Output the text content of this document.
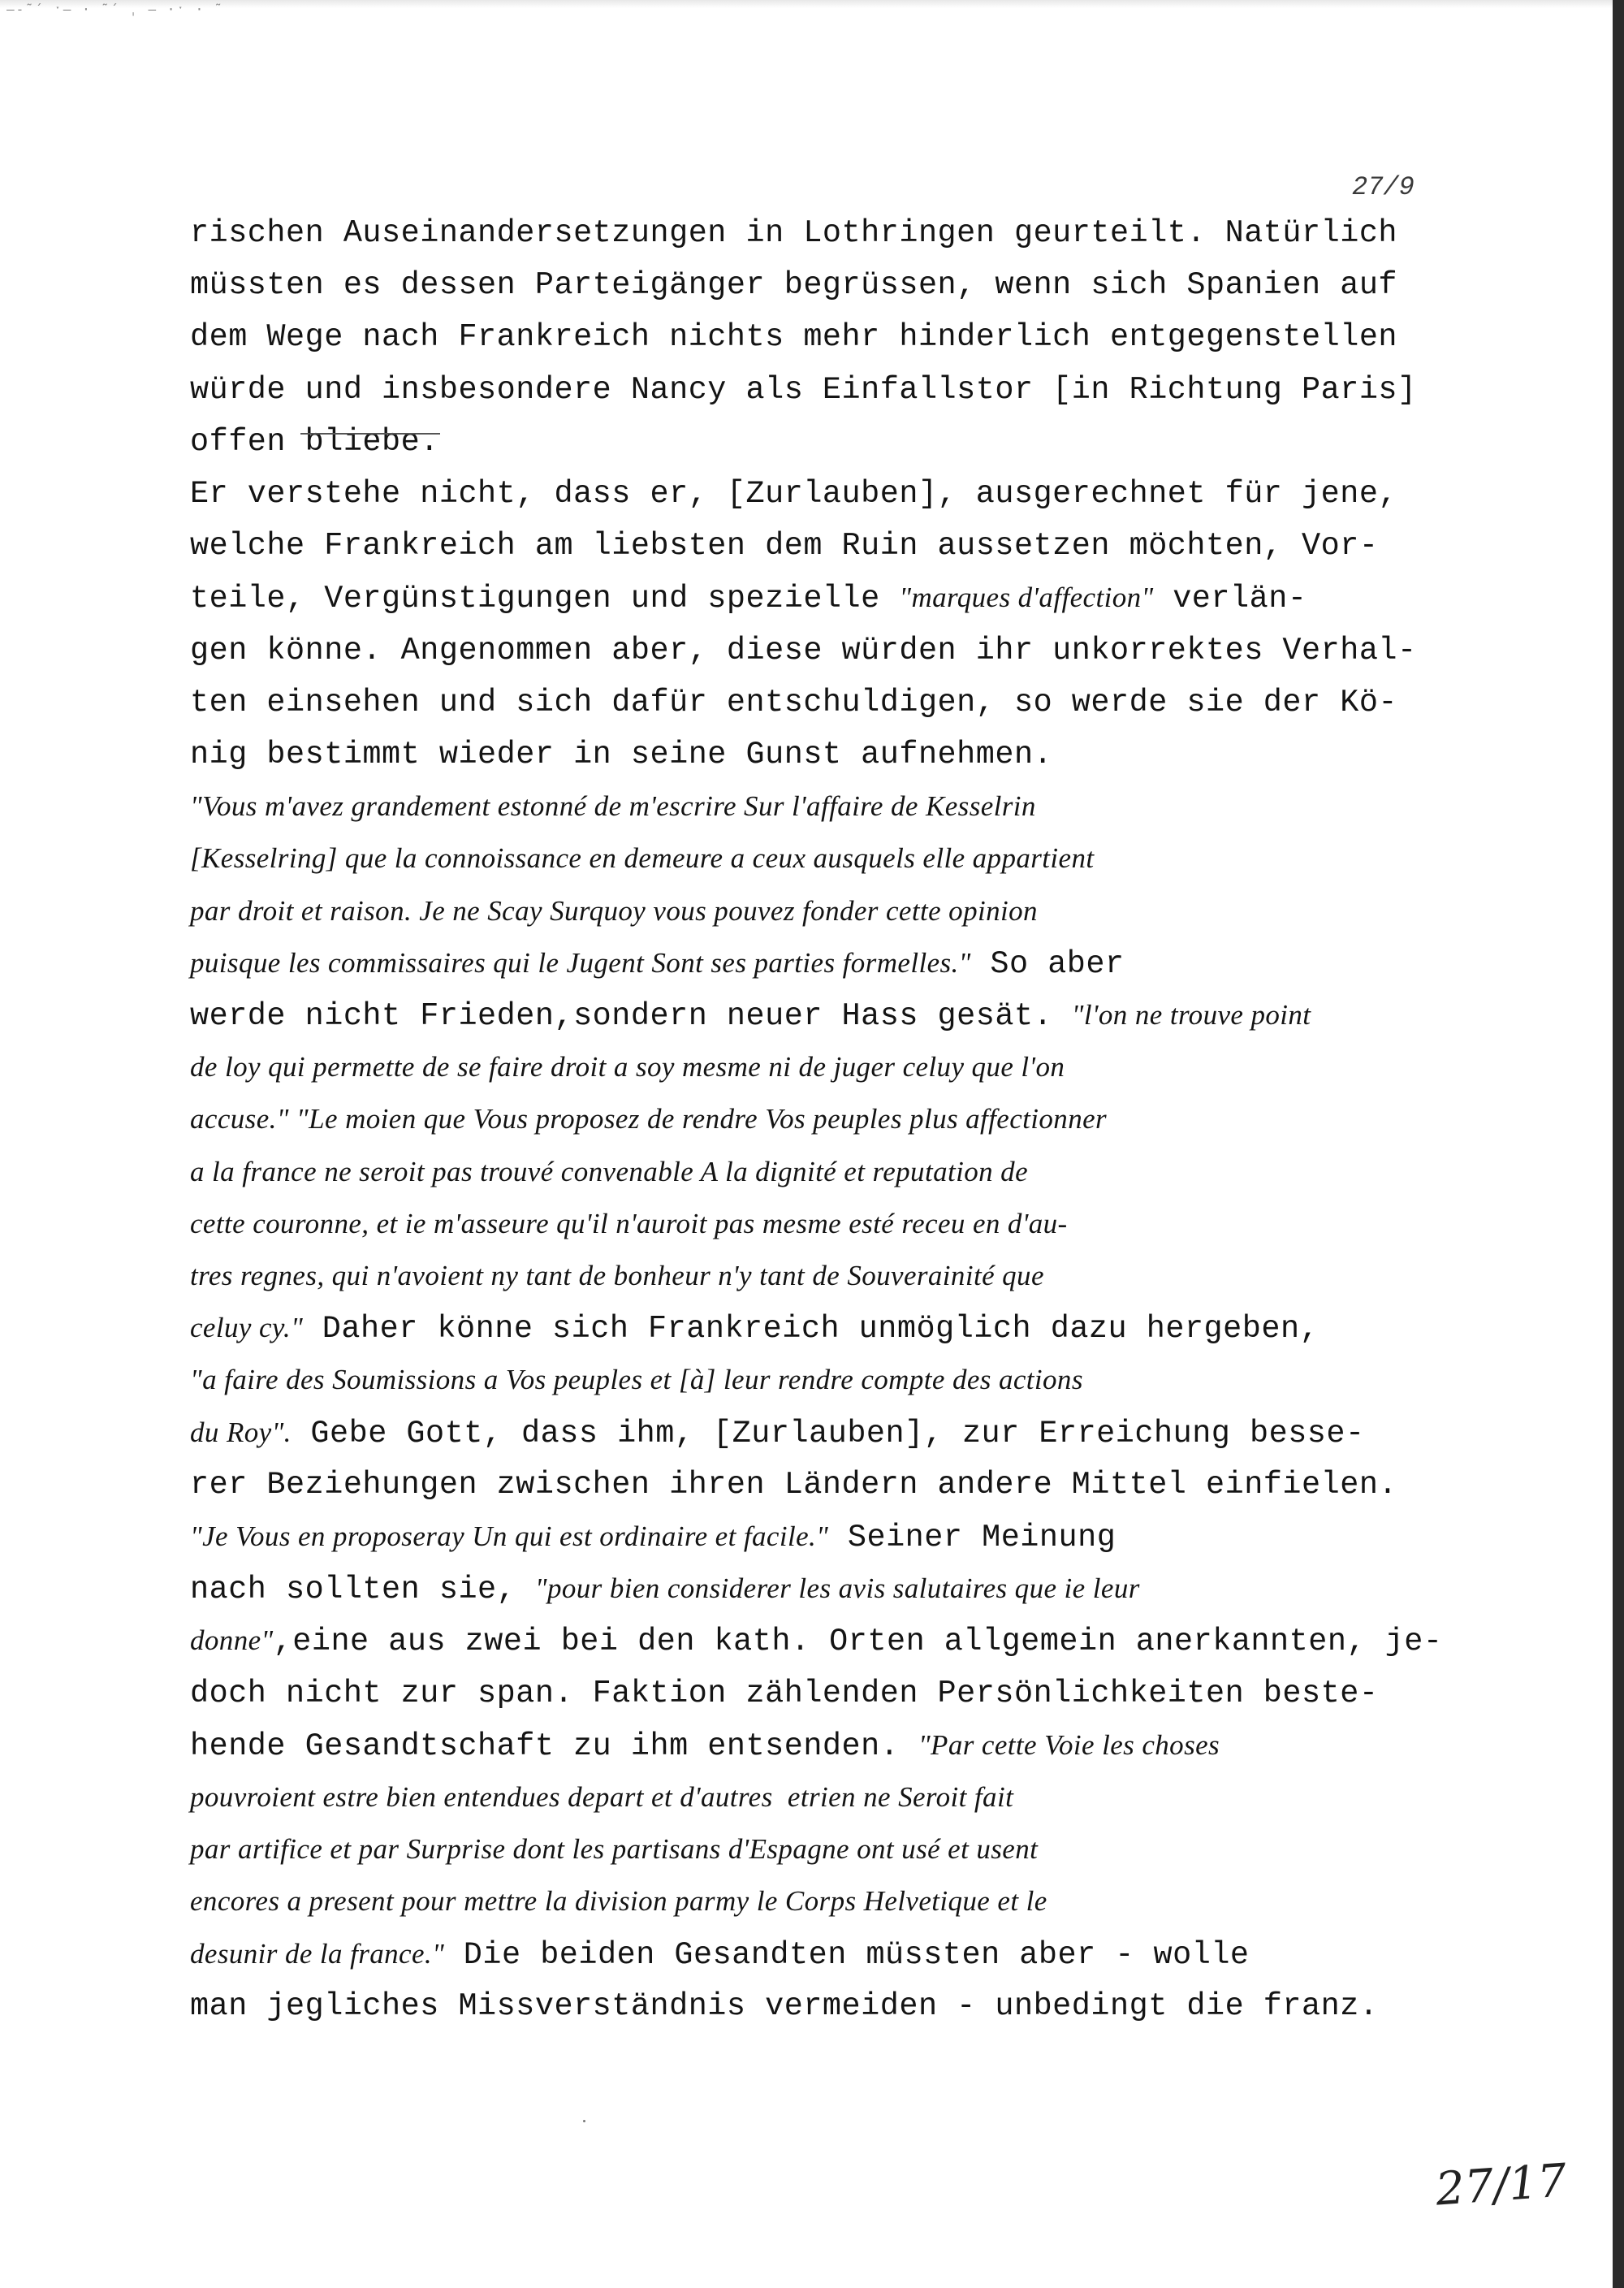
‒‐˜´ ˑ‒ · ˜´ ˌ ‒ ·ˑ · ˜
27/9
rischen Auseinandersetzungen in Lothringen geurteilt. Natürlich
müssten es dessen Parteigänger begrüssen, wenn sich Spanien auf
dem Wege nach Frankreich nichts mehr hinderlich entgegenstellen
würde und insbesondere Nancy als Einfallstor [in Richtung Paris]
offen bliebe.
Er verstehe nicht, dass er, [Zurlauben], ausgerechnet für jene,
welche Frankreich am liebsten dem Ruin aussetzen möchten, Vor-
teile, Vergünstigungen und spezielle "marques d'affection" verlän-
gen könne. Angenommen aber, diese würden ihr unkorrektes Verhal-
ten einsehen und sich dafür entschuldigen, so werde sie der Kö-
nig bestimmt wieder in seine Gunst aufnehmen.
"Vous m'avez grandement estonné de m'escrire Sur l'affaire de Kesselrin
[Kesselring] que la connoissance en demeure a ceux ausquels elle appartient
par droit et raison. Je ne Scay Surquoy vous pouvez fonder cette opinion
puisque les commissaires qui le Jugent Sont ses parties formelles." So aber
werde nicht Frieden,sondern neuer Hass gesät. "l'on ne trouve point
de loy qui permette de se faire droit a soy mesme ni de juger celuy que l'on
accuse." "Le moien que Vous proposez de rendre Vos peuples plus affectionner
a la france ne seroit pas trouvé convenable A la dignité et reputation de
cette couronne, et ie m'asseure qu'il n'auroit pas mesme esté receu en d'au-
tres regnes, qui n'avoient ny tant de bonheur n'y tant de Souverainité que
celuy cy." Daher könne sich Frankreich unmöglich dazu hergeben,
"a faire des Soumissions a Vos peuples et [à] leur rendre compte des actions
du Roy". Gebe Gott, dass ihm, [Zurlauben], zur Erreichung besse-
rer Beziehungen zwischen ihren Ländern andere Mittel einfielen.
"Je Vous en proposeray Un qui est ordinaire et facile." Seiner Meinung
nach sollten sie, "pour bien considerer les avis salutaires que ie leur
donne",eine aus zwei bei den kath. Orten allgemein anerkannten, je-
doch nicht zur span. Faktion zählenden Persönlichkeiten beste-
hende Gesandtschaft zu ihm entsenden. "Par cette Voie les choses
pouvroient estre bien entendues depart et d'autres  etrien ne Seroit fait
par artifice et par Surprise dont les partisans d'Espagne ont usé et usent
encores a present pour mettre la division parmy le Corps Helvetique et le
desunir de la france." Die beiden Gesandten müssten aber - wolle
man jegliches Missverständnis vermeiden - unbedingt die franz.
27/17
